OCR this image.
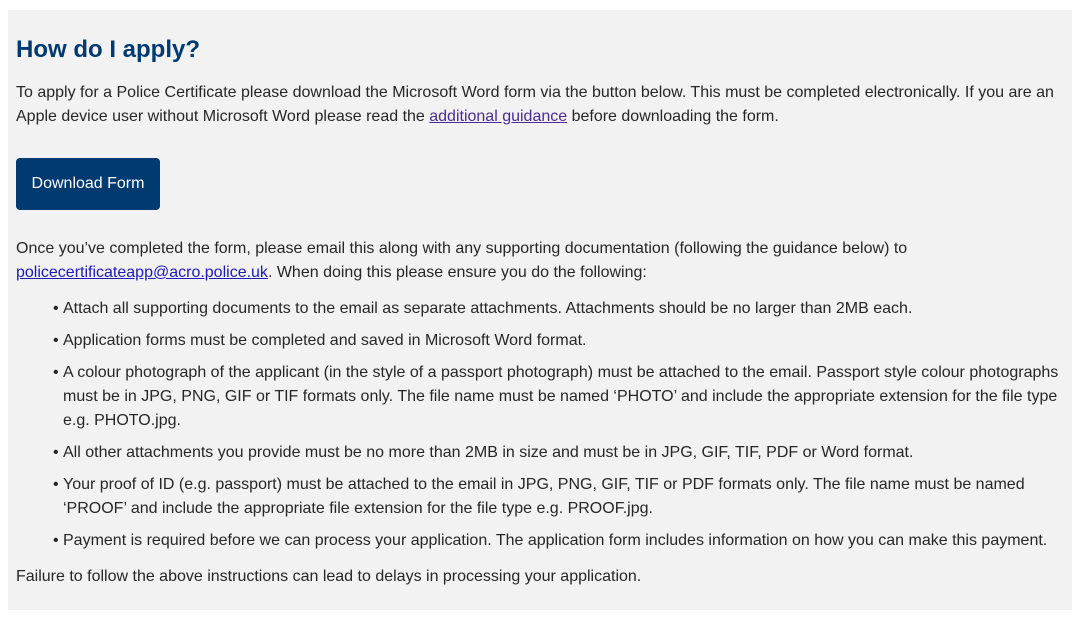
How do I apply?

To apply for a Police Certificate please download the Microsoft Word form via the button below. This must be completed electronically. If you are an Apple device user without Microsoft Word please read the additional guidance before downloading the form.

Download Form

Once you’ve completed the form, please email this along with any supporting documentation (following the guidance below) to policecertificateapp@acro.police.uk. When doing this please ensure you do the following:

• Attach all supporting documents to the email as separate attachments. Attachments should be no larger than 2MB each.
• Application forms must be completed and saved in Microsoft Word format.
• A colour photograph of the applicant (in the style of a passport photograph) must be attached to the email. Passport style colour photographs must be in JPG, PNG, GIF or TIF formats only. The file name must be named ‘PHOTO’ and include the appropriate extension for the file type e.g. PHOTO.jpg.
• All other attachments you provide must be no more than 2MB in size and must be in JPG, GIF, TIF, PDF or Word format.
• Your proof of ID (e.g. passport) must be attached to the email in JPG, PNG, GIF, TIF or PDF formats only. The file name must be named ‘PROOF’ and include the appropriate file extension for the file type e.g. PROOF.jpg.
• Payment is required before we can process your application. The application form includes information on how you can make this payment.

Failure to follow the above instructions can lead to delays in processing your application.
